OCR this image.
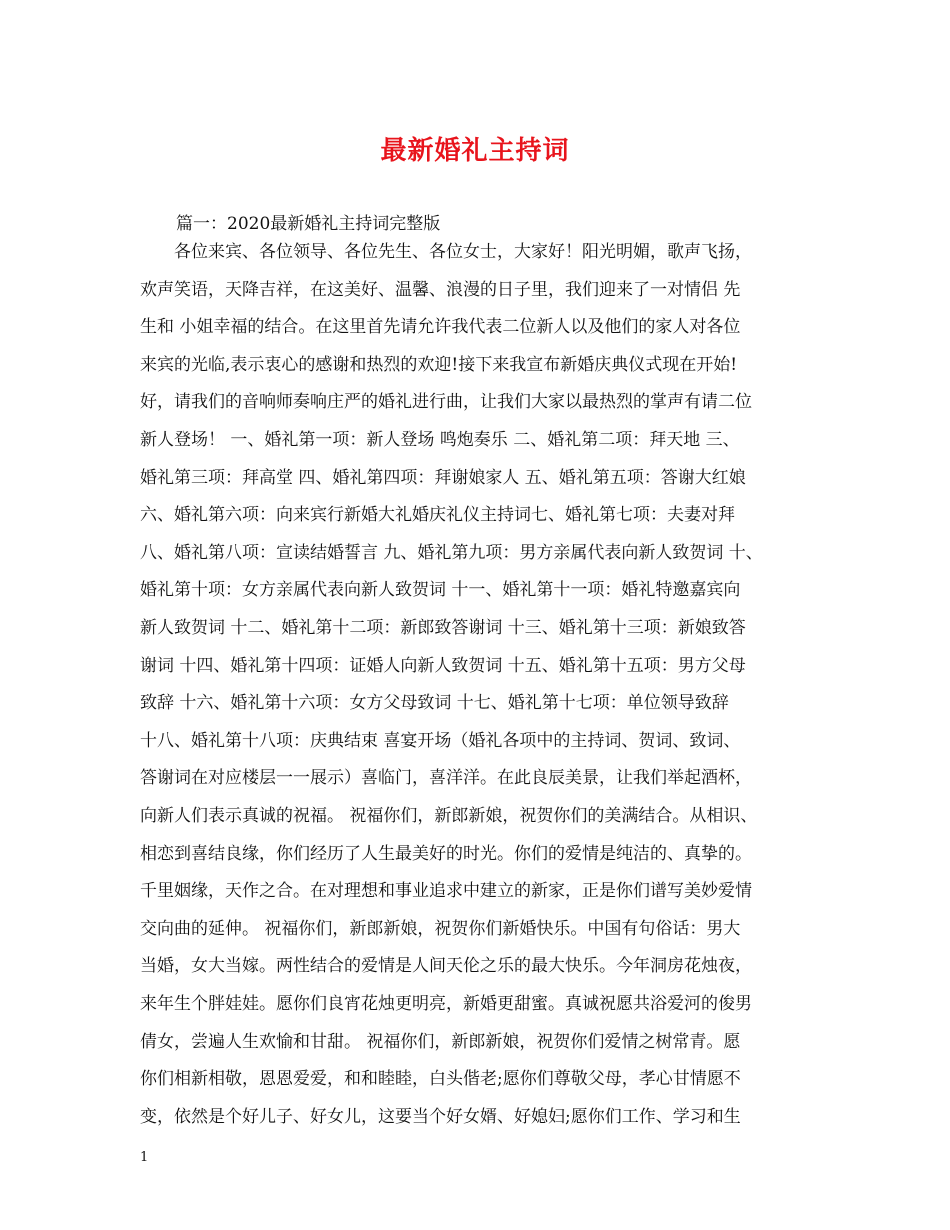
最新婚礼主持词
篇一：2020最新婚礼主持词完整版
　　各位来宾、各位领导、各位先生、各位女士，大家好！阳光明媚，歌声飞扬，
欢声笑语，天降吉祥，在这美好、温馨、浪漫的日子里，我们迎来了一对情侣 先
生和 小姐幸福的结合。在这里首先请允许我代表二位新人以及他们的家人对各位
来宾的光临,表示衷心的感谢和热烈的欢迎!接下来我宣布新婚庆典仪式现在开始!
好，请我们的音响师奏响庄严的婚礼进行曲，让我们大家以最热烈的掌声有请二位
新人登场！ 一、婚礼第一项：新人登场 鸣炮奏乐 二、婚礼第二项：拜天地 三、
婚礼第三项：拜高堂 四、婚礼第四项：拜谢娘家人 五、婚礼第五项：答谢大红娘
六、婚礼第六项：向来宾行新婚大礼婚庆礼仪主持词七、婚礼第七项：夫妻对拜
八、婚礼第八项：宣读结婚誓言 九、婚礼第九项：男方亲属代表向新人致贺词 十、
婚礼第十项：女方亲属代表向新人致贺词 十一、婚礼第十一项：婚礼特邀嘉宾向
新人致贺词 十二、婚礼第十二项：新郎致答谢词 十三、婚礼第十三项：新娘致答
谢词 十四、婚礼第十四项：证婚人向新人致贺词 十五、婚礼第十五项：男方父母
致辞 十六、婚礼第十六项：女方父母致词 十七、婚礼第十七项：单位领导致辞
十八、婚礼第十八项：庆典结束 喜宴开场（婚礼各项中的主持词、贺词、致词、
答谢词在对应楼层一一展示）喜临门，喜洋洋。在此良辰美景，让我们举起酒杯，
向新人们表示真诚的祝福。 祝福你们，新郎新娘，祝贺你们的美满结合。从相识、
相恋到喜结良缘，你们经历了人生最美好的时光。你们的爱情是纯洁的、真挚的。
千里姻缘，天作之合。在对理想和事业追求中建立的新家，正是你们谱写美妙爱情
交向曲的延伸。 祝福你们，新郎新娘，祝贺你们新婚快乐。中国有句俗话：男大
当婚，女大当嫁。两性结合的爱情是人间天伦之乐的最大快乐。今年洞房花烛夜，
来年生个胖娃娃。愿你们良宵花烛更明亮，新婚更甜蜜。真诚祝愿共浴爱河的俊男
倩女，尝遍人生欢愉和甘甜。 祝福你们，新郎新娘，祝贺你们爱情之树常青。愿
你们相新相敬，恩恩爱爱，和和睦睦，白头偕老;愿你们尊敬父母，孝心甘情愿不
变，依然是个好儿子、好女儿，这要当个好女婿、好媳妇;愿你们工作、学习和生
1
